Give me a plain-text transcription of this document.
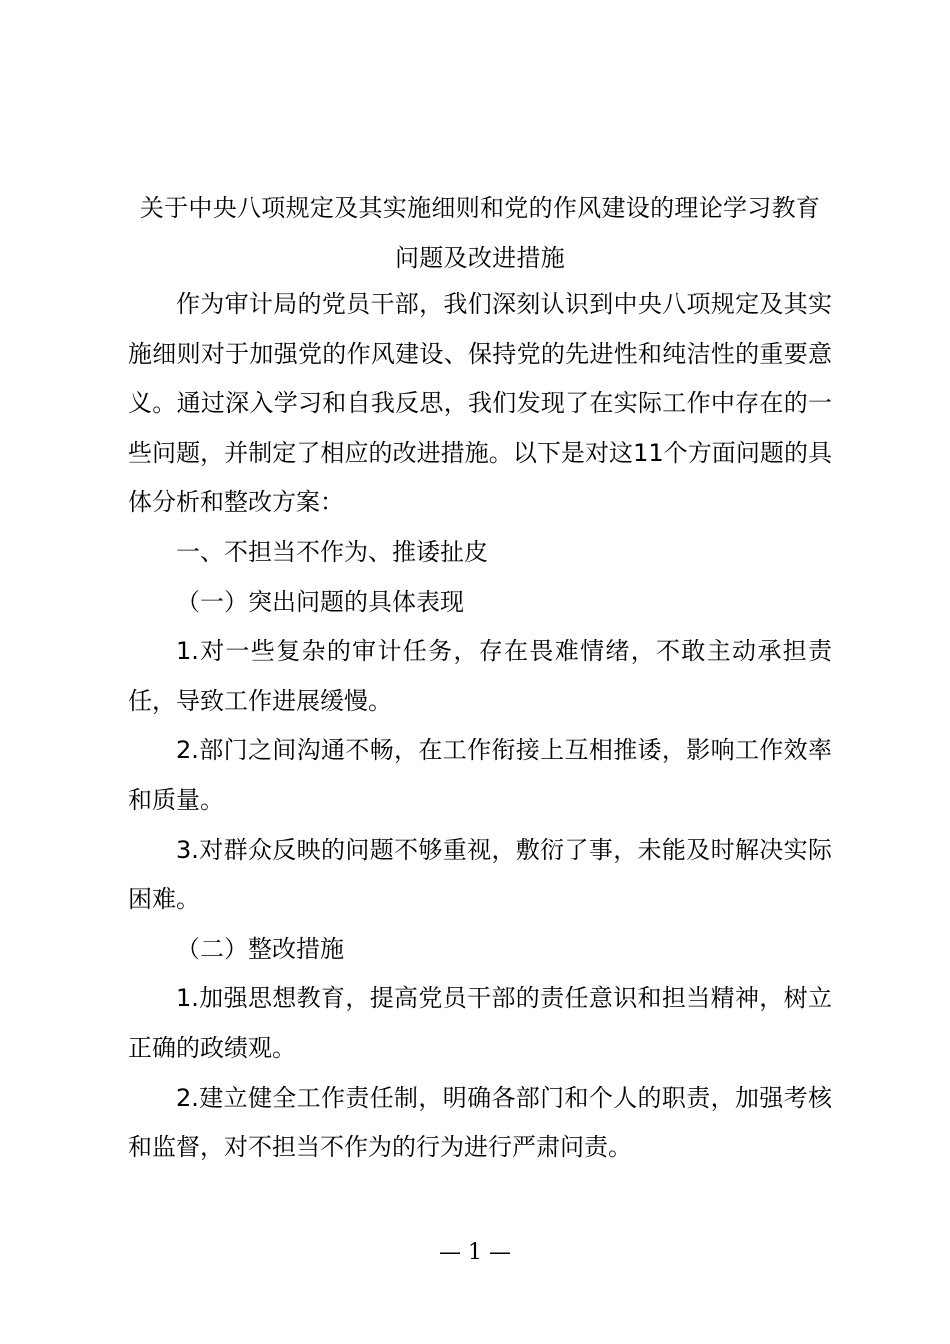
关于中央八项规定及其实施细则和党的作风建设的理论学习教育问题及改进措施

作为审计局的党员干部，我们深刻认识到中央八项规定及其实施细则对于加强党的作风建设、保持党的先进性和纯洁性的重要意义。通过深入学习和自我反思，我们发现了在实际工作中存在的一些问题，并制定了相应的改进措施。以下是对这11个方面问题的具体分析和整改方案：

一、不担当不作为、推诿扯皮

（一）突出问题的具体表现

1.对一些复杂的审计任务，存在畏难情绪，不敢主动承担责任，导致工作进展缓慢。

2.部门之间沟通不畅，在工作衔接上互相推诿，影响工作效率和质量。

3.对群众反映的问题不够重视，敷衍了事，未能及时解决实际困难。

（二）整改措施

1.加强思想教育，提高党员干部的责任意识和担当精神，树立正确的政绩观。

2.建立健全工作责任制，明确各部门和个人的职责，加强考核和监督，对不担当不作为的行为进行严肃问责。

— 1 —
